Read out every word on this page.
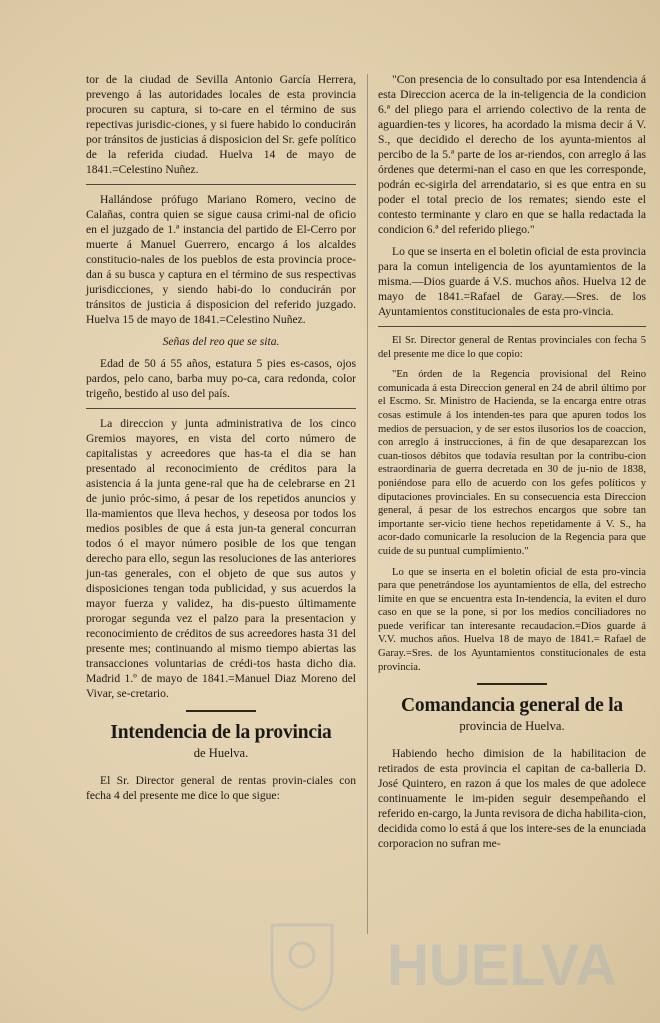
tor de la ciudad de Sevilla Antonio García Herrera, prevengo á las autoridades locales de esta provincia procuren su captura, si to-care en el término de sus repectivas jurisdic-ciones, y si fuere habido lo conducirán por tránsitos de justicias á disposicion del Sr. gefe político de la referida ciudad. Huelva 14 de mayo de 1841.=Celestino Nuñez.

Hallándose prófugo Mariano Romero, vecino de Calañas, contra quien se sigue causa crimi-nal de oficio en el juzgado de 1.ª instancia del partido de El-Cerro por muerte á Manuel Guerrero, encargo á los alcaldes constitucio-nales de los pueblos de esta provincia proce-dan á su busca y captura en el término de sus respectivas jurisdicciones, y siendo habi-do lo conducirán por tránsitos de justicia á disposicion del referido juzgado. Huelva 15 de mayo de 1841.=Celestino Nuñez.

Señas del reo que se sita.

Edad de 50 á 55 años, estatura 5 pies es-casos, ojos pardos, pelo cano, barba muy po-ca, cara redonda, color trigeño, bestido al uso del país.

La direccion y junta administrativa de los cinco Gremios mayores, en vista del corto número de capitalistas y acreedores que has-ta el dia se han presentado al reconocimiento de créditos para la asistencia á la junta gene-ral que ha de celebrarse en 21 de junio próc-simo, á pesar de los repetidos anuncios y lla-mamientos que lleva hechos, y deseosa por todos los medios posibles de que á esta jun-ta general concurran todos ó el mayor número posible de los que tengan derecho para ello, segun las resoluciones de las anteriores jun-tas generales, con el objeto de que sus autos y disposiciones tengan toda publicidad, y sus acuerdos la mayor fuerza y validez, ha dis-puesto últimamente prorogar segunda vez el palzo para la presentacion y reconocimiento de créditos de sus acreedores hasta 31 del presente mes; continuando al mismo tiempo abiertas las transacciones voluntarias de crédi-tos hasta dicho dia. Madrid 1.º de mayo de 1841.=Manuel Diaz Moreno del Vivar, se-cretario.

Intendencia de la provincia
de Huelva.

El Sr. Director general de rentas provin-ciales con fecha 4 del presente me dice lo que sigue:

"Con presencia de lo consultado por esa Intendencia á esta Direccion acerca de la in-teligencia de la condicion 6.ª del pliego para el arriendo colectivo de la renta de aguardien-tes y licores, ha acordado la misma decir á V. S., que decidido el derecho de los ayunta-mientos al percibo de la 5.ª parte de los ar-riendos, con arreglo á las órdenes que determi-nan el caso en que les corresponde, podrán ec-sigirla del arrendatario, si es que entra en su poder el total precio de los remates; siendo este el contesto terminante y claro en que se halla redactada la condicion 6.ª del referido pliego."

Lo que se inserta en el boletin oficial de esta provincia para la comun inteligencia de los ayuntamientos de la misma.—Dios guarde á V.S. muchos años. Huelva 12 de mayo de 1841.=Rafael de Garay.—Sres. de los Ayuntamientos constitucionales de esta pro-vincia.

El Sr. Director general de Rentas provinciales con fecha 5 del presente me dice lo que copio:

"En órden de la Regencia provisional del Reino comunicada á esta Direccion general en 24 de abril último por el Escmo. Sr. Ministro de Hacienda, se la encarga entre otras cosas estimule á los intenden-tes para que apuren todos los medios de persuacion, y de ser estos ilusorios los de coaccion, con arreglo á instrucciones, á fin de que desaparezcan los cuan-tiosos débitos que todavía resultan por la contribu-cion estraordinaria de guerra decretada en 30 de ju-nio de 1838, poniéndose para ello de acuerdo con los gefes políticos y diputaciones provinciales. En su consecuencia esta Direccion general, á pesar de los estrechos encargos que sobre tan importante ser-vicio tiene hechos repetidamente á V. S., ha acor-dado comunicarle la resolucion de la Regencia para que cuide de su puntual cumplimiento."

Lo que se inserta en el boletin oficial de esta pro-vincia para que penetrándose los ayuntamientos de ella, del estrecho límite en que se encuentra esta In-tendencia, la eviten el duro caso en que se la pone, si por los medios conciliadores no puede verificar tan interesante recaudacion.=Dios guarde á V.V. muchos años. Huelva 18 de mayo de 1841.= Rafael de Garay.=Sres. de los Ayuntamientos constitucionales de esta provincia.

Comandancia general de la
provincia de Huelva.

Habiendo hecho dimision de la habilitacion de retirados de esta provincia el capitan de ca-balleria D. José Quintero, en razon á que los males de que adolece continuamente le im-piden seguir desempeñando el referido en-cargo, la Junta revisora de dicha habilita-cion, decidida como lo está á que los intere-ses de la enunciada corporacion no sufran me-

HUELVA
